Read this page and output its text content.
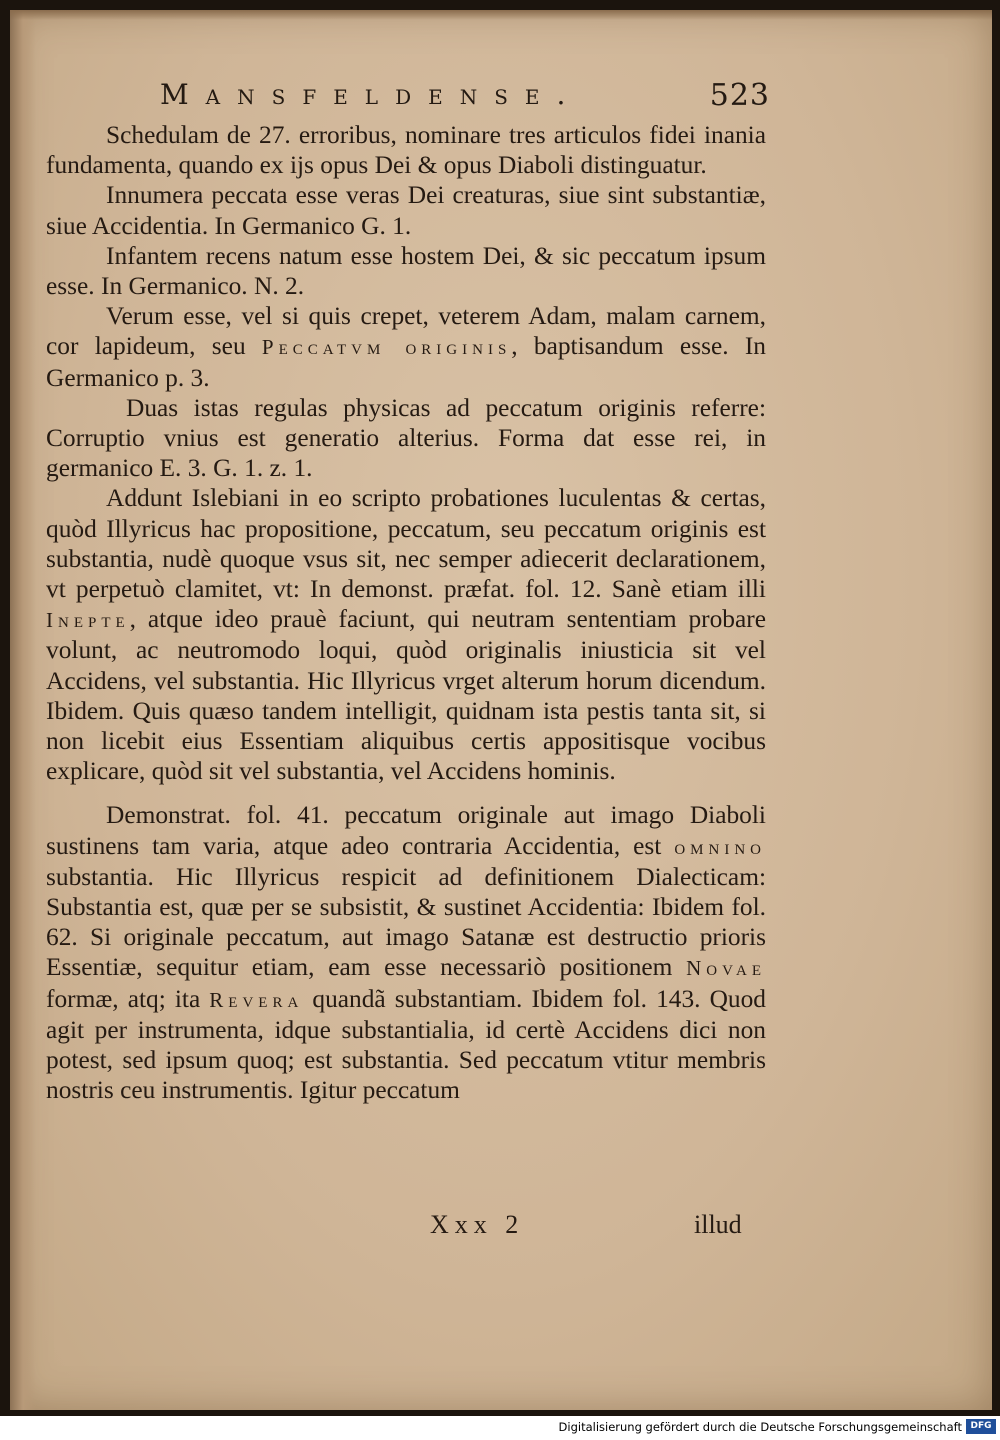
Mansfeldense.	523

Schedulam de 27. erroribus, nominare tres articulos fidei inania fundamenta, quando ex ijs opus Dei & opus Diaboli distinguatur.

Innumera peccata esse veras Dei creaturas, siue sint substantiæ, siue Accidentia. In Germanico G. 1.

Infantem recens natum esse hostem Dei, & sic peccatum ipsum esse. In Germanico. N. 2.

Verum esse, vel si quis crepet, veterem Adam, malam carnem, cor lapideum, seu Peccatvm originis, baptisandum esse. In Germanico p. 3.

Duas istas regulas physicas ad peccatum originis referre: Corruptio vnius est generatio alterius. Forma dat esse rei, in germanico E. 3. G. 1. z. 1.

Addunt Islebiani in eo scripto probationes luculentas & certas, quòd Illyricus hac propositione, peccatum, seu peccatum originis est substantia, nudè quoque vsus sit, nec semper adiecerit declarationem, vt perpetuò clamitet, vt: In demonst. præfat. fol. 12. Sanè etiam illi Inepte, atque ideo prauè faciunt, qui neutram sententiam probare volunt, ac neutromodo loqui, quòd originalis iniusticia sit vel Accidens, vel substantia. Hic Illyricus vrget alterum horum dicendum. Ibidem. Quis quæso tandem intelligit, quidnam ista pestis tanta sit, si non licebit eius Essentiam aliquibus certis appositisque vocibus explicare, quòd sit vel substantia, vel Accidens hominis.

Demonstrat. fol. 41. peccatum originale aut imago Diaboli sustinens tam varia, atque adeo contraria Accidentia, est omnino substantia. Hic Illyricus respicit ad definitionem Dialecticam: Substantia est, quæ per se subsistit, & sustinet Accidentia: Ibidem fol. 62. Si originale peccatum, aut imago Satanæ est destructio prioris Essentiæ, sequitur etiam, eam esse necessariò positionem Novae formæ, atq; ita Revera quandã substantiam. Ibidem fol. 143. Quod agit per instrumenta, idque substantialia, id certè Accidens dici non potest, sed ipsum quoq; est substantia. Sed peccatum vtitur membris nostris ceu instrumentis. Igitur peccatum

Xxx 2	illud
Digitalisierung gefördert durch die Deutsche Forschungsgemeinschaft DFG
